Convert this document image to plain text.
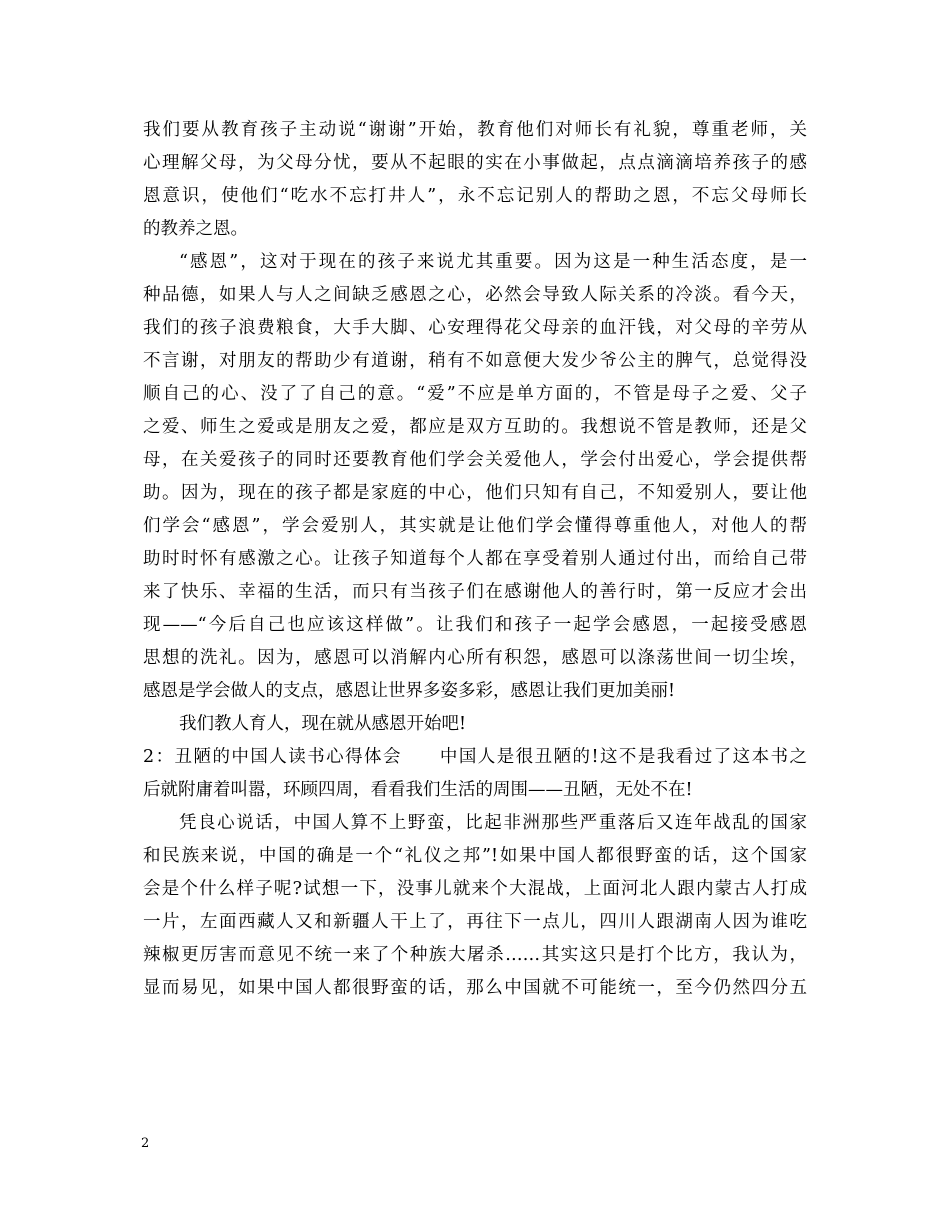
我们要从教育孩子主动说“谢谢”开始，教育他们对师长有礼貌，尊重老师，关
心理解父母，为父母分忧，要从不起眼的实在小事做起，点点滴滴培养孩子的感
恩意识，使他们“吃水不忘打井人”，永不忘记别人的帮助之恩，不忘父母师长
的教养之恩。
“感恩”，这对于现在的孩子来说尤其重要。因为这是一种生活态度，是一
种品德，如果人与人之间缺乏感恩之心，必然会导致人际关系的冷淡。看今天，
我们的孩子浪费粮食，大手大脚、心安理得花父母亲的血汗钱，对父母的辛劳从
不言谢，对朋友的帮助少有道谢，稍有不如意便大发少爷公主的脾气，总觉得没
顺自己的心、没了了自己的意。“爱”不应是单方面的，不管是母子之爱、父子
之爱、师生之爱或是朋友之爱，都应是双方互助的。我想说不管是教师，还是父
母，在关爱孩子的同时还要教育他们学会关爱他人，学会付出爱心，学会提供帮
助。因为，现在的孩子都是家庭的中心，他们只知有自己，不知爱别人，要让他
们学会“感恩”，学会爱别人，其实就是让他们学会懂得尊重他人，对他人的帮
助时时怀有感激之心。让孩子知道每个人都在享受着别人通过付出，而给自己带
来了快乐、幸福的生活，而只有当孩子们在感谢他人的善行时，第一反应才会出
现——“今后自己也应该这样做”。让我们和孩子一起学会感恩，一起接受感恩
思想的洗礼。因为，感恩可以消解内心所有积怨，感恩可以涤荡世间一切尘埃，
感恩是学会做人的支点，感恩让世界多姿多彩，感恩让我们更加美丽!
我们教人育人，现在就从感恩开始吧!
2：丑陋的中国人读书心得体会　　中国人是很丑陋的!这不是我看过了这本书之
后就附庸着叫嚣，环顾四周，看看我们生活的周围——丑陋，无处不在!
凭良心说话，中国人算不上野蛮，比起非洲那些严重落后又连年战乱的国家
和民族来说，中国的确是一个“礼仪之邦”!如果中国人都很野蛮的话，这个国家
会是个什么样子呢?试想一下，没事儿就来个大混战，上面河北人跟内蒙古人打成
一片，左面西藏人又和新疆人干上了，再往下一点儿，四川人跟湖南人因为谁吃
辣椒更厉害而意见不统一来了个种族大屠杀……其实这只是打个比方，我认为，
显而易见，如果中国人都很野蛮的话，那么中国就不可能统一，至今仍然四分五
2
